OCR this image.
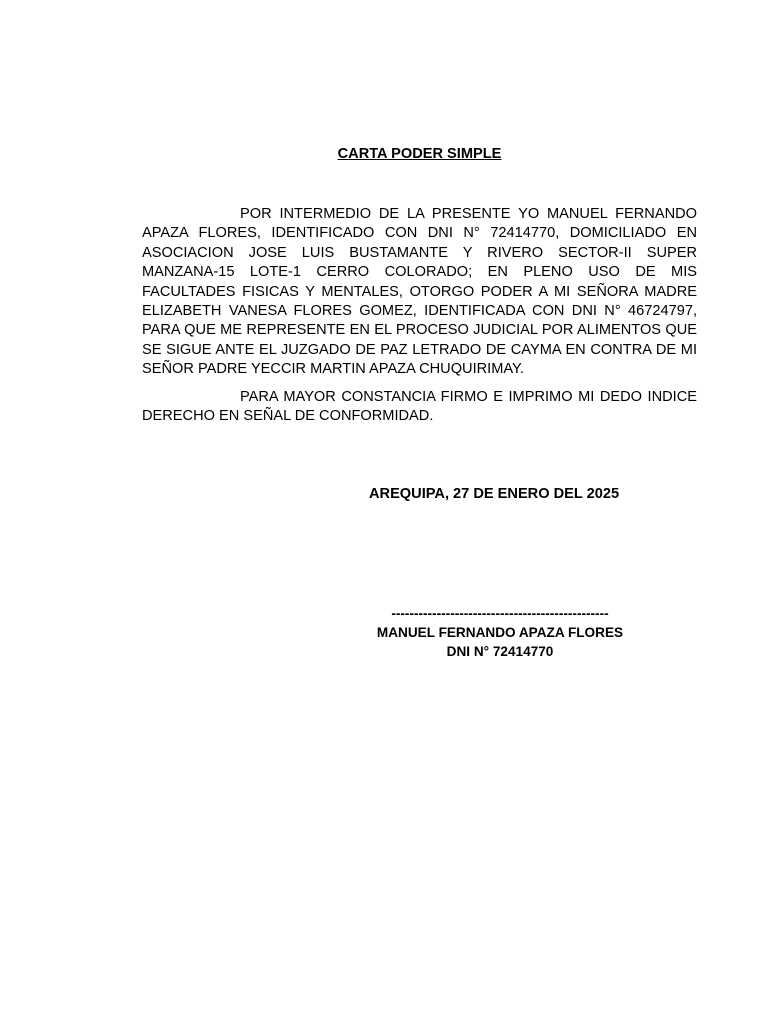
CARTA PODER SIMPLE

POR INTERMEDIO DE LA PRESENTE YO MANUEL FERNANDO APAZA FLORES, IDENTIFICADO CON DNI N° 72414770, DOMICILIADO EN ASOCIACION JOSE LUIS BUSTAMANTE Y RIVERO SECTOR-II SUPER MANZANA-15 LOTE-1 CERRO COLORADO; EN PLENO USO DE MIS FACULTADES FISICAS Y MENTALES, OTORGO PODER A MI SEÑORA MADRE ELIZABETH VANESA FLORES GOMEZ, IDENTIFICADA CON DNI N° 46724797, PARA QUE ME REPRESENTE EN EL PROCESO JUDICIAL POR ALIMENTOS QUE SE SIGUE ANTE EL JUZGADO DE PAZ LETRADO DE CAYMA EN CONTRA DE MI SEÑOR PADRE YECCIR MARTIN APAZA CHUQUIRIMAY.

PARA MAYOR CONSTANCIA FIRMO E IMPRIMO MI DEDO INDICE DERECHO EN SEÑAL DE CONFORMIDAD.

AREQUIPA, 27 DE ENERO DEL 2025
------------------------------------------------
MANUEL FERNANDO APAZA FLORES
DNI N° 72414770
